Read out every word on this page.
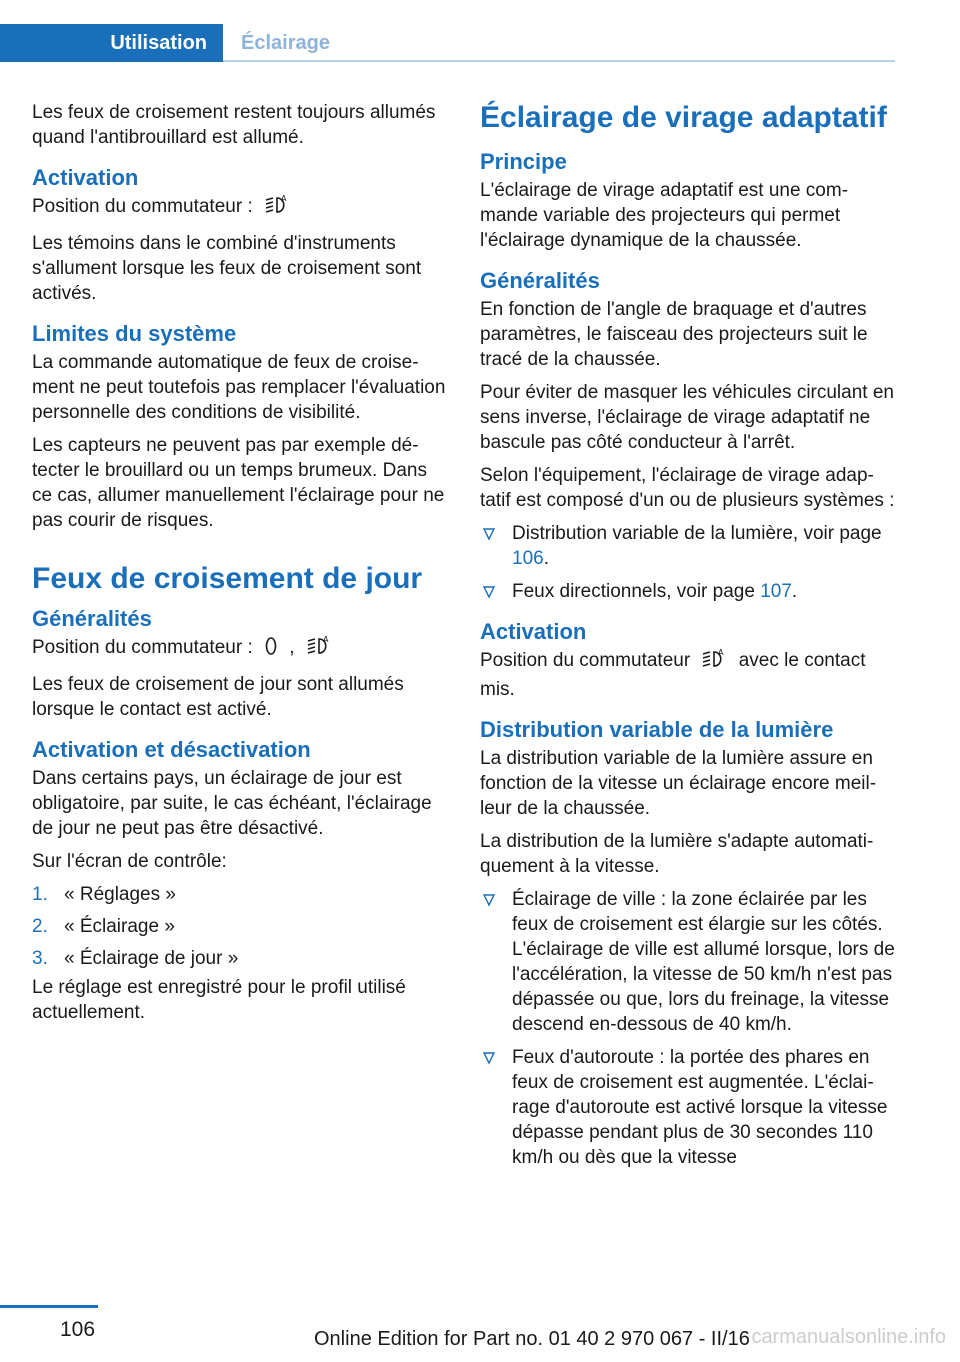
Utilisation	Éclairage

Les feux de croisement restent toujours allumés quand l'antibrouillard est allumé.

Activation

Position du commutateur :	A

Les témoins dans le combiné d'instruments s'allument lorsque les feux de croisement sont activés.

Limites du système

La commande automatique de feux de croisement ne peut toutefois pas remplacer l'évaluation personnelle des conditions de visibilité.

Les capteurs ne peuvent pas par exemple détecter le brouillard ou un temps brumeux. Dans ce cas, allumer manuellement l'éclairage pour ne pas courir de risques.

Feux de croisement de jour
Généralités

Position du commutateur : ,	A

Les feux de croisement de jour sont allumés lorsque le contact est activé.

Activation et désactivation

Dans certains pays, un éclairage de jour est obligatoire, par suite, le cas échéant, l'éclairage de jour ne peut pas être désactivé.

Sur l'écran de contrôle:

1. « Réglages »
2. « Éclairage »
3. « Éclairage de jour »

Le réglage est enregistré pour le profil utilisé actuellement.

Éclairage de virage adaptatif
Principe

L'éclairage de virage adaptatif est une commande variable des projecteurs qui permet l'éclairage dynamique de la chaussée.

Généralités

En fonction de l'angle de braquage et d'autres paramètres, le faisceau des projecteurs suit le tracé de la chaussée.

Pour éviter de masquer les véhicules circulant en sens inverse, l'éclairage de virage adaptatif ne bascule pas côté conducteur à l'arrêt.

Selon l'équipement, l'éclairage de virage adaptatif est composé d'un ou de plusieurs systèmes :

Distribution variable de la lumière, voir page 106.
Feux directionnels, voir page 107.
Activation

Position du commutateur	A avec le contact mis.

Distribution variable de la lumière

La distribution variable de la lumière assure en fonction de la vitesse un éclairage encore meilleur de la chaussée.

La distribution de la lumière s'adapte automatiquement à la vitesse.

Éclairage de ville : la zone éclairée par les feux de croisement est élargie sur les côtés. L'éclairage de ville est allumé lorsque, lors de l'accélération, la vitesse de 50 km/h n'est pas dépassée ou que, lors du freinage, la vitesse descend en-dessous de 40 km/h.
Feux d'autoroute : la portée des phares en feux de croisement est augmentée. L'éclairage d'autoroute est activé lorsque la vitesse dépasse pendant plus de 30 secondes 110 km/h ou dès que la vitesse
106	Online Edition for Part no. 01 40 2 970 067 - II/16 carmanualsonline.info
